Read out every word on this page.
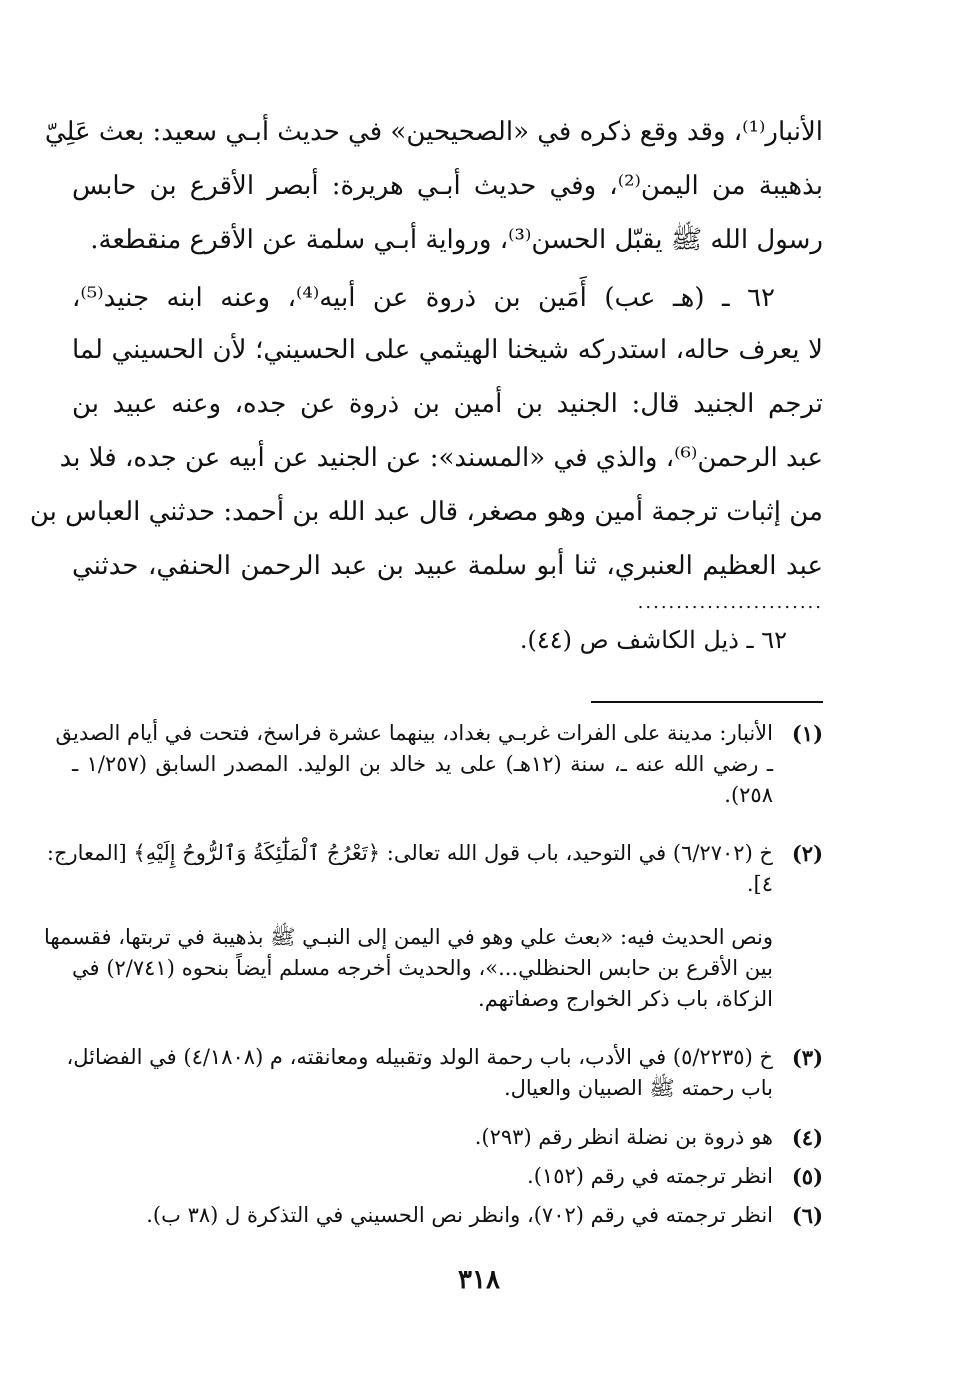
الأنبار⁽¹⁾، وقد وقع ذكره في «الصحيحين» في حديث أبـي سعيد: بعث عَلِيّ
بذهيبة من اليمن⁽²⁾، وفي حديث أبـي هريرة: أبصر الأقرع بن حابس
رسول الله ﷺ يقبّل الحسن⁽³⁾، ورواية أبـي سلمة عن الأقرع منقطعة.
٦٢ ـ (هـ عب) أَمَين بن ذروة عن أبيه⁽⁴⁾، وعنه ابنه جنيد⁽⁵⁾،
لا يعرف حاله، استدركه شيخنا الهيثمي على الحسيني؛ لأن الحسيني لما
ترجم الجنيد قال: الجنيد بن أمين بن ذروة عن جده، وعنه عبيد بن
عبد الرحمن⁽⁶⁾، والذي في «المسند»: عن الجنيد عن أبيه عن جده، فلا بد
من إثبات ترجمة أمين وهو مصغر، قال عبد الله بن أحمد: حدثني العباس بن
عبد العظيم العنبري، ثنا أبو سلمة عبيد بن عبد الرحمن الحنفي، حدثني
........................
٦٢ ـ ذيل الكاشف ص (٤٤).
(١)
الأنبار: مدينة على الفرات غربـي بغداد، بينهما عشرة فراسخ، فتحت في أيام الصديق
ـ رضي الله عنه ـ، سنة (١٢هـ) على يد خالد بن الوليد. المصدر السابق (١/٢٥٧ ـ
٢٥٨).
(٢)
خ (٦/٢٧٠٢) في التوحيد، باب قول الله تعالى: ﴿تَعْرُجُ ٱلْمَلَٰٓئِكَةُ وَٱلرُّوحُ إِلَيْهِ﴾ [المعارج:
٤].
ونص الحديث فيه: «بعث علي وهو في اليمن إلى النبـي ﷺ بذهيبة في تربتها، فقسمها
بين الأقرع بن حابس الحنظلي...»، والحديث أخرجه مسلم أيضاً بنحوه (٢/٧٤١) في
الزكاة، باب ذكر الخوارج وصفاتهم.
(٣)
خ (٥/٢٢٣٥) في الأدب، باب رحمة الولد وتقبيله ومعانقته، م (٤/١٨٠٨) في الفضائل،
باب رحمته ﷺ الصبيان والعيال.
(٤)
هو ذروة بن نضلة انظر رقم (٢٩٣).
(٥)
انظر ترجمته في رقم (١٥٢).
(٦)
انظر ترجمته في رقم (٧٠٢)، وانظر نص الحسيني في التذكرة ل (٣٨ ب).
٣١٨
